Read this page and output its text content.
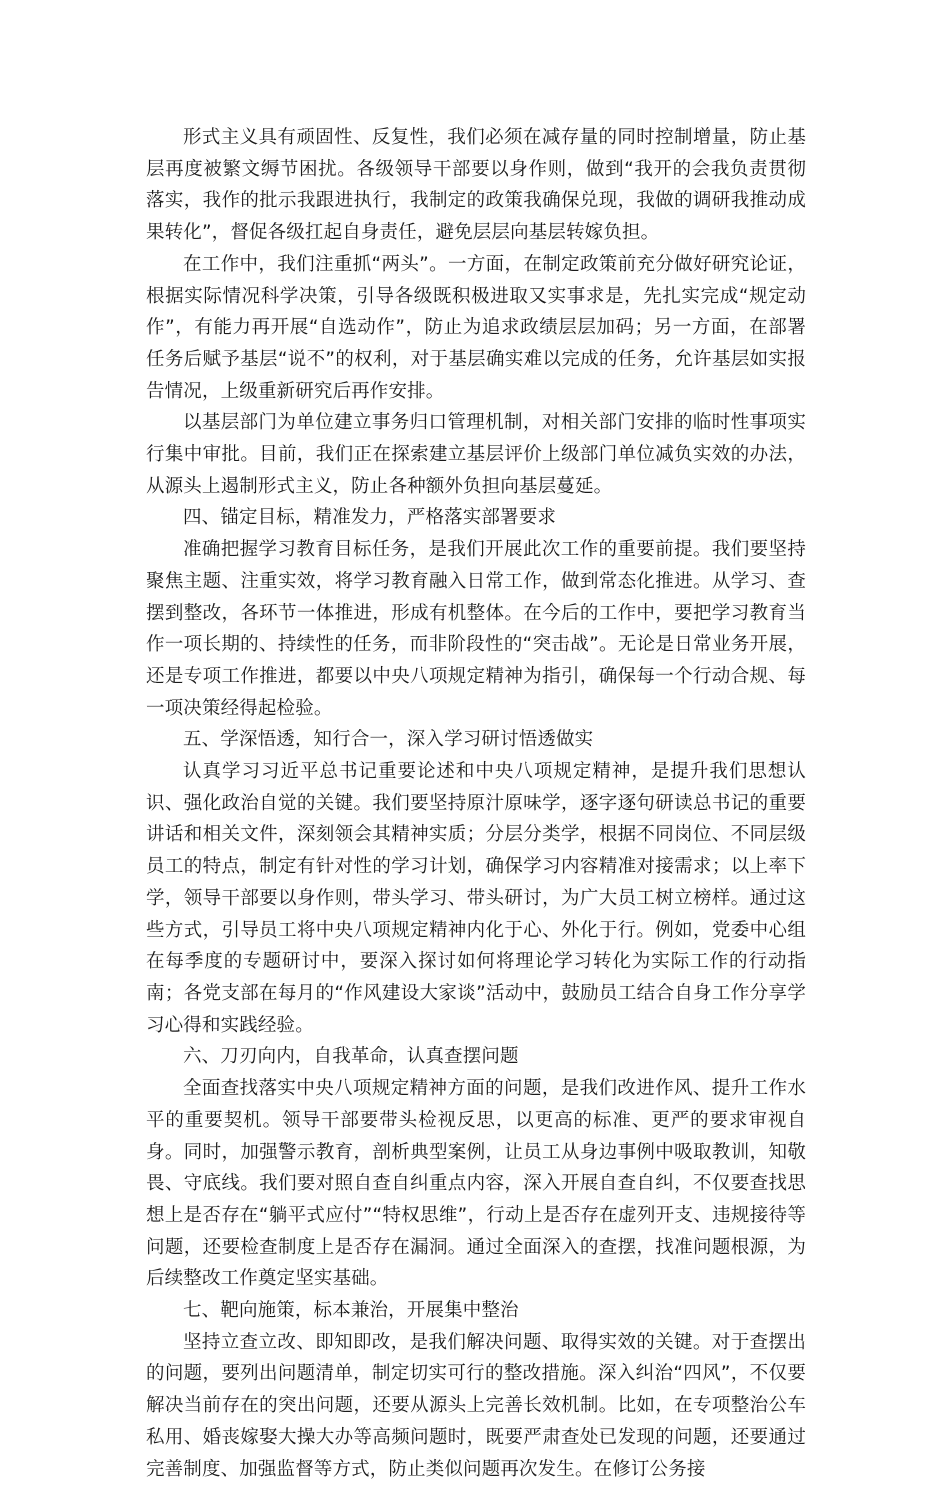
形式主义具有顽固性、反复性，我们必须在减存量的同时控制增量，防止基层再度被繁文缛节困扰。各级领导干部要以身作则，做到“我开的会我负责贯彻落实，我作的批示我跟进执行，我制定的政策我确保兑现，我做的调研我推动成果转化”，督促各级扛起自身责任，避免层层向基层转嫁负担。

在工作中，我们注重抓“两头”。一方面，在制定政策前充分做好研究论证，根据实际情况科学决策，引导各级既积极进取又实事求是，先扎实完成“规定动作”，有能力再开展“自选动作”，防止为追求政绩层层加码；另一方面，在部署任务后赋予基层“说不”的权利，对于基层确实难以完成的任务，允许基层如实报告情况，上级重新研究后再作安排。

以基层部门为单位建立事务归口管理机制，对相关部门安排的临时性事项实行集中审批。目前，我们正在探索建立基层评价上级部门单位减负实效的办法，从源头上遏制形式主义，防止各种额外负担向基层蔓延。

四、锚定目标，精准发力，严格落实部署要求

准确把握学习教育目标任务，是我们开展此次工作的重要前提。我们要坚持聚焦主题、注重实效，将学习教育融入日常工作，做到常态化推进。从学习、查摆到整改，各环节一体推进，形成有机整体。在今后的工作中，要把学习教育当作一项长期的、持续性的任务，而非阶段性的“突击战”。无论是日常业务开展，还是专项工作推进，都要以中央八项规定精神为指引，确保每一个行动合规、每一项决策经得起检验。

五、学深悟透，知行合一，深入学习研讨悟透做实

认真学习习近平总书记重要论述和中央八项规定精神，是提升我们思想认识、强化政治自觉的关键。我们要坚持原汁原味学，逐字逐句研读总书记的重要讲话和相关文件，深刻领会其精神实质；分层分类学，根据不同岗位、不同层级员工的特点，制定有针对性的学习计划，确保学习内容精准对接需求；以上率下学，领导干部要以身作则，带头学习、带头研讨，为广大员工树立榜样。通过这些方式，引导员工将中央八项规定精神内化于心、外化于行。例如，党委中心组在每季度的专题研讨中，要深入探讨如何将理论学习转化为实际工作的行动指南；各党支部在每月的“作风建设大家谈”活动中，鼓励员工结合自身工作分享学习心得和实践经验。

六、刀刃向内，自我革命，认真查摆问题

全面查找落实中央八项规定精神方面的问题，是我们改进作风、提升工作水平的重要契机。领导干部要带头检视反思，以更高的标准、更严的要求审视自身。同时，加强警示教育，剖析典型案例，让员工从身边事例中吸取教训，知敬畏、守底线。我们要对照自查自纠重点内容，深入开展自查自纠，不仅要查找思想上是否存在“躺平式应付”“特权思维”，行动上是否存在虚列开支、违规接待等问题，还要检查制度上是否存在漏洞。通过全面深入的查摆，找准问题根源，为后续整改工作奠定坚实基础。

七、靶向施策，标本兼治，开展集中整治

坚持立查立改、即知即改，是我们解决问题、取得实效的关键。对于查摆出的问题，要列出问题清单，制定切实可行的整改措施。深入纠治“四风”，不仅要解决当前存在的突出问题，还要从源头上完善长效机制。比如，在专项整治公车私用、婚丧嫁娶大操大办等高频问题时，既要严肃查处已发现的问题，还要通过完善制度、加强监督等方式，防止类似问题再次发生。在修订公务接
